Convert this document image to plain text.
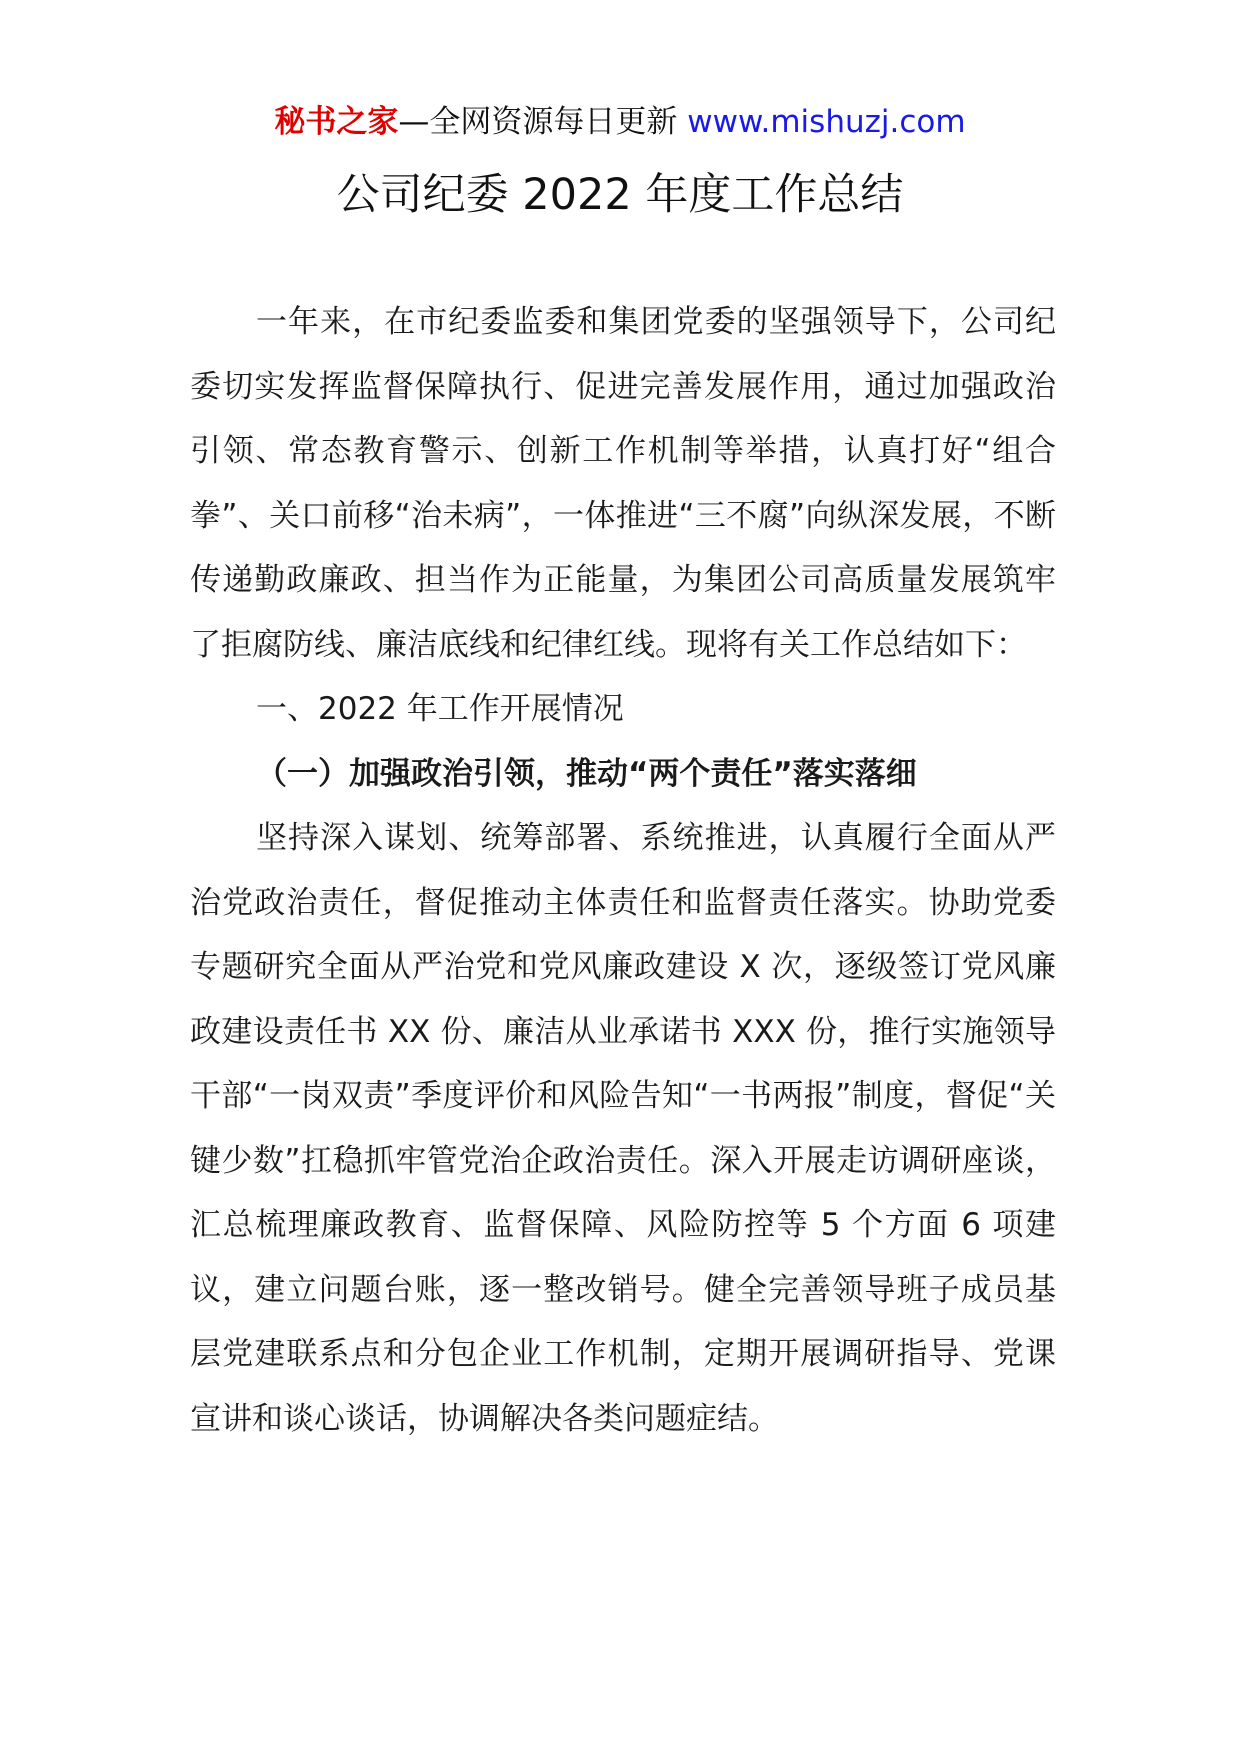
秘书之家—全网资源每日更新 www.mishuzj.com
公司纪委 2022 年度工作总结

一年来，在市纪委监委和集团党委的坚强领导下，公司纪委切实发挥监督保障执行、促进完善发展作用，通过加强政治引领、常态教育警示、创新工作机制等举措，认真打好“组合拳”、关口前移“治未病”，一体推进“三不腐”向纵深发展，不断传递勤政廉政、担当作为正能量，为集团公司高质量发展筑牢了拒腐防线、廉洁底线和纪律红线。现将有关工作总结如下：

一、2022 年工作开展情况

（一）加强政治引领，推动“两个责任”落实落细

坚持深入谋划、统筹部署、系统推进，认真履行全面从严治党政治责任，督促推动主体责任和监督责任落实。协助党委专题研究全面从严治党和党风廉政建设 X 次，逐级签订党风廉政建设责任书 XX 份、廉洁从业承诺书 XXX 份，推行实施领导干部“一岗双责”季度评价和风险告知“一书两报”制度，督促“关键少数”扛稳抓牢管党治企政治责任。深入开展走访调研座谈，汇总梳理廉政教育、监督保障、风险防控等 5 个方面 6 项建议，建立问题台账，逐一整改销号。健全完善领导班子成员基层党建联系点和分包企业工作机制，定期开展调研指导、党课宣讲和谈心谈话，协调解决各类问题症结。
